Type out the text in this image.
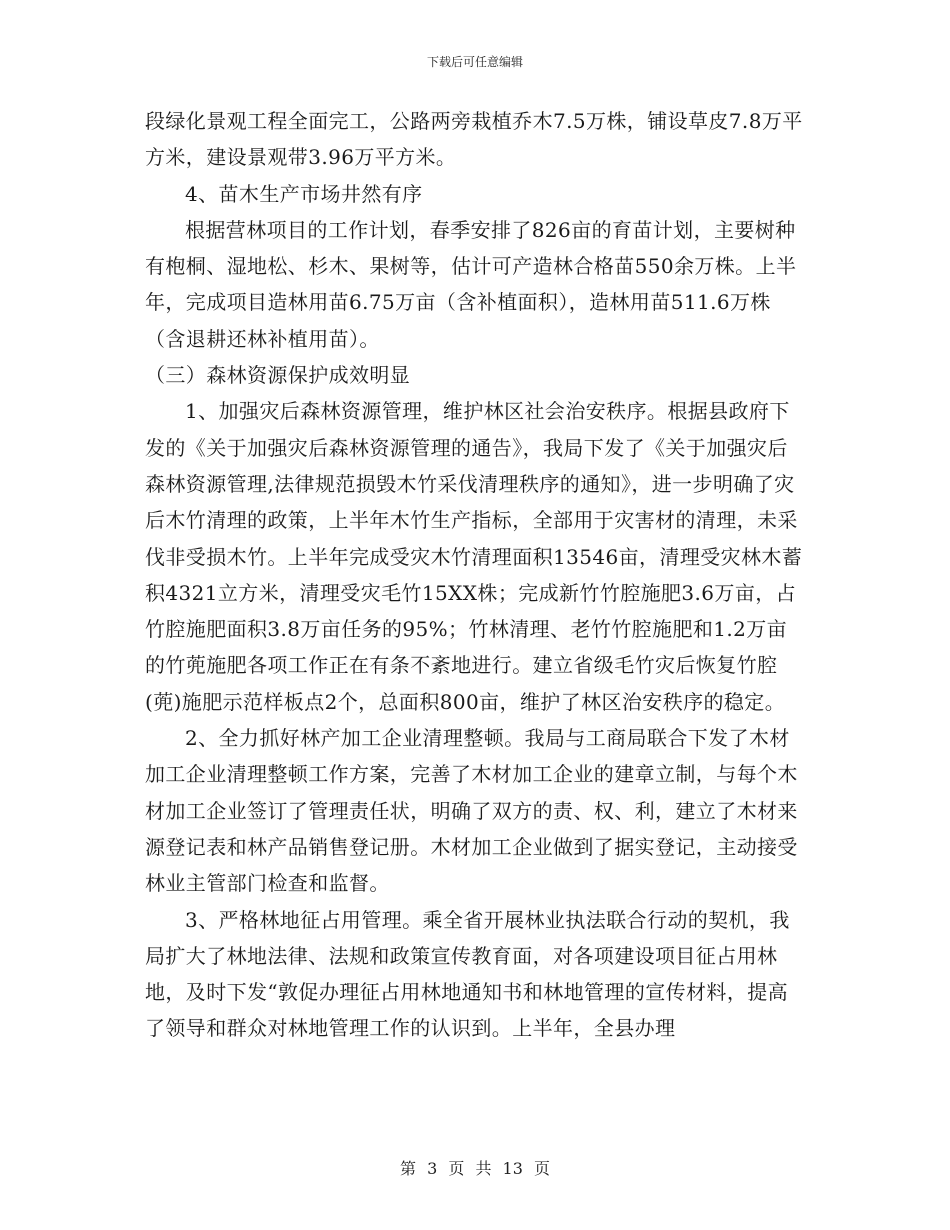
下载后可任意编辑

段绿化景观工程全面完工，公路两旁栽植乔木7.5万株，铺设草皮7.8万平方米，建设景观带3.96万平方米。

4、苗木生产市场井然有序

根据营林项目的工作计划，春季安排了826亩的育苗计划，主要树种有枹桐、湿地松、杉木、果树等，估计可产造林合格苗550余万株。上半年，完成项目造林用苗6.75万亩（含补植面积），造林用苗511.6万株（含退耕还林补植用苗）。

（三）森林资源保护成效明显

1、加强灾后森林资源管理，维护林区社会治安秩序。根据县政府下发的《关于加强灾后森林资源管理的通告》，我局下发了《关于加强灾后森林资源管理,法律规范损毁木竹采伐清理秩序的通知》，进一步明确了灾后木竹清理的政策，上半年木竹生产指标，全部用于灾害材的清理，未采伐非受损木竹。上半年完成受灾木竹清理面积13546亩，清理受灾林木蓄积4321立方米，清理受灾毛竹15XX株；完成新竹竹腔施肥3.6万亩，占竹腔施肥面积3.8万亩任务的95%；竹林清理、老竹竹腔施肥和1.2万亩的竹蔸施肥各项工作正在有条不紊地进行。建立省级毛竹灾后恢复竹腔(蔸)施肥示范样板点2个，总面积800亩，维护了林区治安秩序的稳定。

2、全力抓好林产加工企业清理整顿。我局与工商局联合下发了木材加工企业清理整顿工作方案，完善了木材加工企业的建章立制，与每个木材加工企业签订了管理责任状，明确了双方的责、权、利，建立了木材来源登记表和林产品销售登记册。木材加工企业做到了据实登记，主动接受林业主管部门检查和监督。

3、严格林地征占用管理。乘全省开展林业执法联合行动的契机，我局扩大了林地法律、法规和政策宣传教育面，对各项建设项目征占用林地，及时下发“敦促办理征占用林地通知书和林地管理的宣传材料，提高了领导和群众对林地管理工作的认识到。上半年，全县办理

第 3 页 共 13 页
